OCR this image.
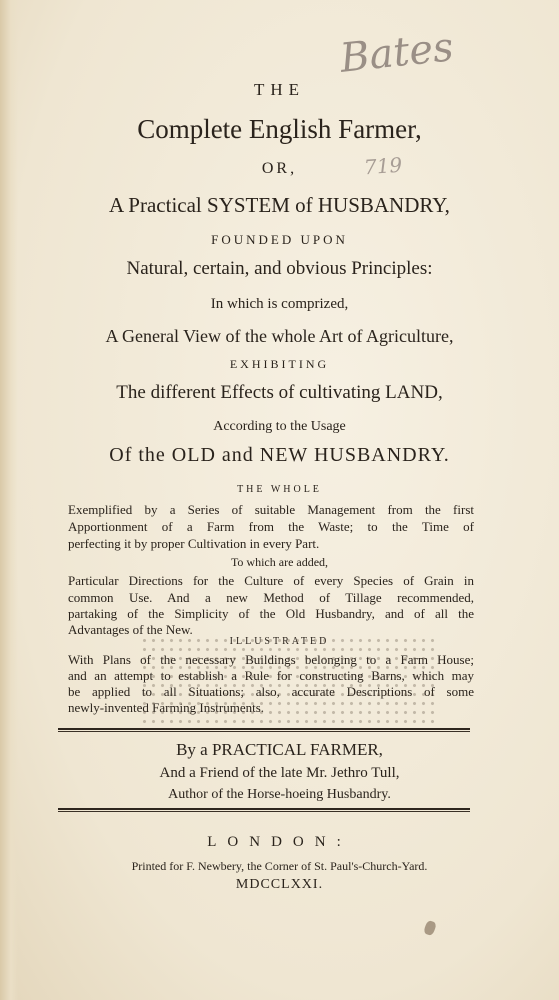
Bates
719
THE
Complete English Farmer,
OR,
A Practical SYSTEM of HUSBANDRY,
FOUNDED UPON
Natural, certain, and obvious Principles:
In which is comprized,
A General View of the whole Art of Agriculture,
EXHIBITING
The different Effects of cultivating LAND,
According to the Usage
Of the OLD and NEW HUSBANDRY.
THE WHOLE
Exemplified by a Series of suitable Management from the first
Apportionment of a Farm from the Waste; to the Time of
perfecting it by proper Cultivation in every Part.
To which are added,
Particular Directions for the Culture of every Species of Grain in
common Use. And a new Method of Tillage recommended,
partaking of the Simplicity of the Old Husbandry, and of all the
Advantages of the New.
ILLUSTRATED
With Plans of the necessary Buildings belonging to a Farm House;
and an attempt to establish a Rule for constructing Barns, which may
be applied to all Situations; also, accurate Descriptions of some
newly-invented Farming Instruments.
By a PRACTICAL FARMER,
And a Friend of the late Mr. Jethro Tull,
Author of the Horse-hoeing Husbandry.
LONDON:
Printed for F. Newbery, the Corner of St. Paul's-Church-Yard.
MDCCLXXI.
